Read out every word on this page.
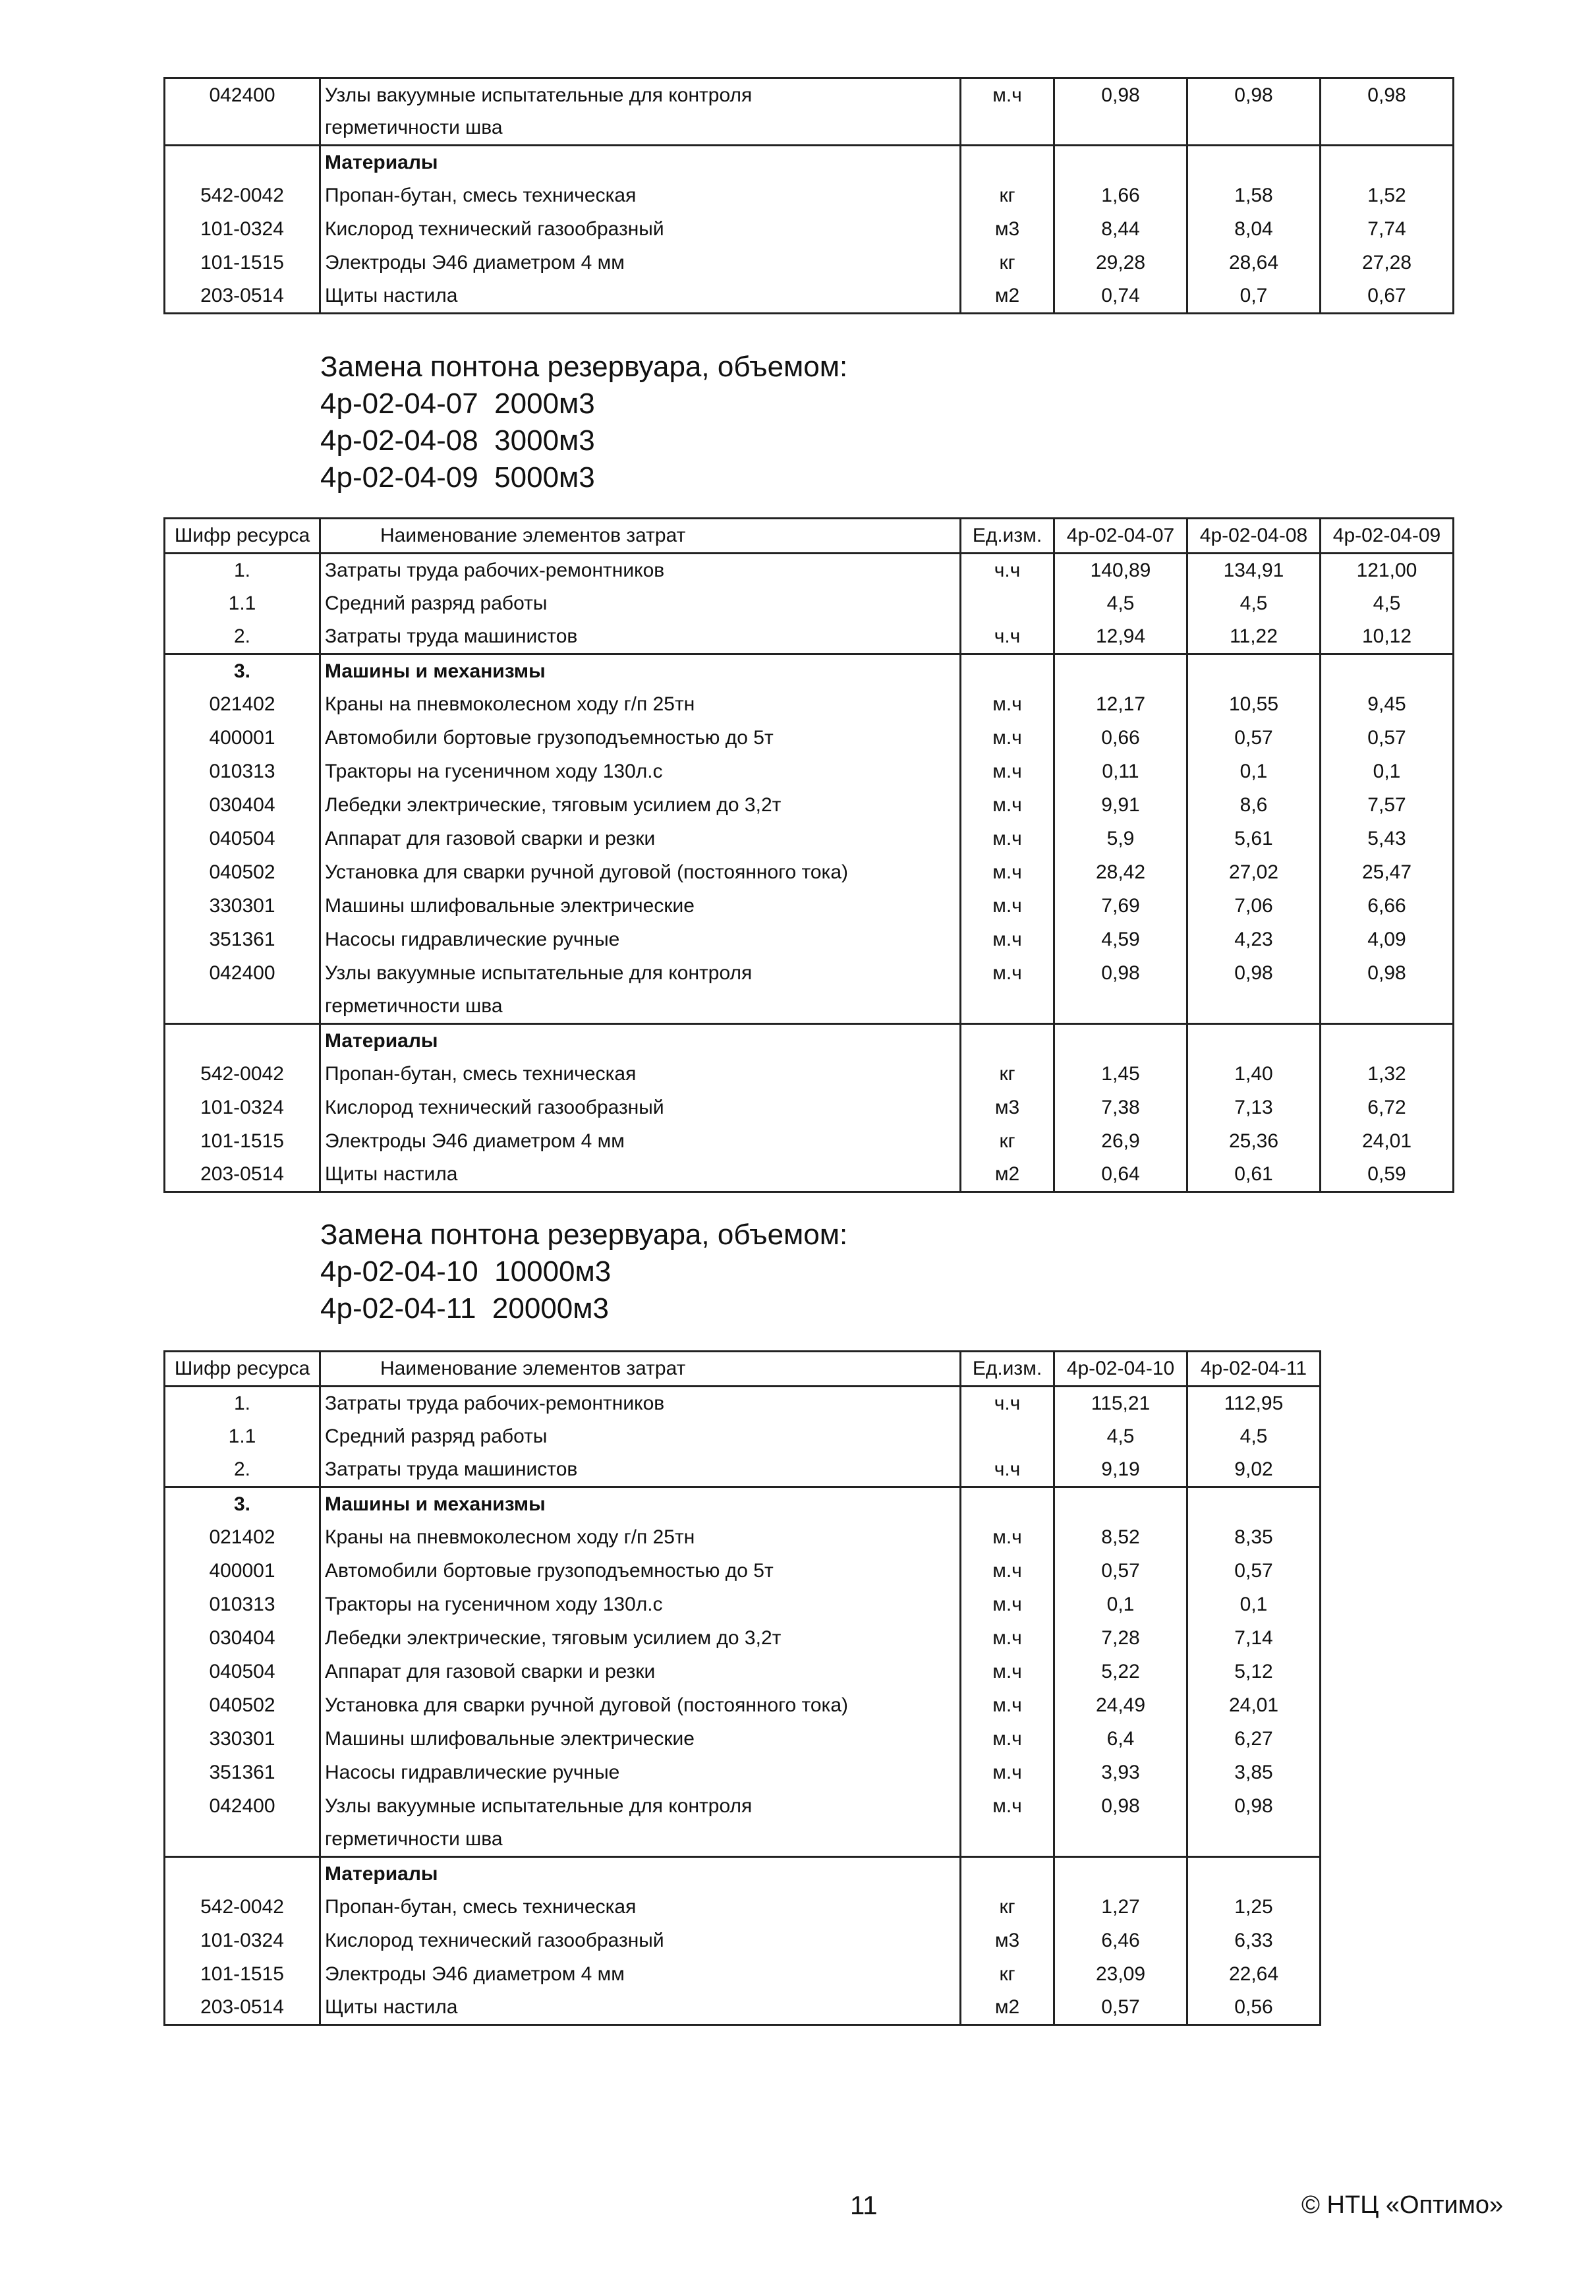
042400	Узлы вакуумные испытательные для контроля	м.ч	0,98	0,98	0,98
	герметичности шва				
	Материалы				
542-0042	Пропан-бутан, смесь техническая	кг	1,66	1,58	1,52
101-0324	Кислород технический газообразный	м3	8,44	8,04	7,74
101-1515	Электроды Э46 диаметром 4 мм	кг	29,28	28,64	27,28
203-0514	Щиты настила	м2	0,74	0,7	0,67
Замена понтона резервуара, объемом:
4р-02-04-07  2000м3
4р-02-04-08  3000м3
4р-02-04-09  5000м3
Шифр ресурса	Наименование элементов затрат	Ед.изм.	4р-02-04-07	4р-02-04-08	4р-02-04-09
1.	Затраты труда рабочих-ремонтников	ч.ч	140,89	134,91	121,00
1.1	Средний разряд работы		4,5	4,5	4,5
2.	Затраты труда машинистов	ч.ч	12,94	11,22	10,12
3.	Машины и механизмы				
021402	Краны на пневмоколесном ходу г/п 25тн	м.ч	12,17	10,55	9,45
400001	Автомобили бортовые грузоподъемностью до 5т	м.ч	0,66	0,57	0,57
010313	Тракторы на гусеничном ходу 130л.с	м.ч	0,11	0,1	0,1
030404	Лебедки электрические, тяговым усилием до 3,2т	м.ч	9,91	8,6	7,57
040504	Аппарат для газовой сварки и резки	м.ч	5,9	5,61	5,43
040502	Установка для сварки ручной дуговой (постоянного тока)	м.ч	28,42	27,02	25,47
330301	Машины шлифовальные электрические	м.ч	7,69	7,06	6,66
351361	Насосы гидравлические ручные	м.ч	4,59	4,23	4,09
042400	Узлы вакуумные испытательные для контроля	м.ч	0,98	0,98	0,98
	герметичности шва				
	Материалы				
542-0042	Пропан-бутан, смесь техническая	кг	1,45	1,40	1,32
101-0324	Кислород технический газообразный	м3	7,38	7,13	6,72
101-1515	Электроды Э46 диаметром 4 мм	кг	26,9	25,36	24,01
203-0514	Щиты настила	м2	0,64	0,61	0,59
Замена понтона резервуара, объемом:
4р-02-04-10  10000м3
4р-02-04-11  20000м3
Шифр ресурса	Наименование элементов затрат	Ед.изм.	4р-02-04-10	4р-02-04-11
1.	Затраты труда рабочих-ремонтников	ч.ч	115,21	112,95
1.1	Средний разряд работы		4,5	4,5
2.	Затраты труда машинистов	ч.ч	9,19	9,02
3.	Машины и механизмы			
021402	Краны на пневмоколесном ходу г/п 25тн	м.ч	8,52	8,35
400001	Автомобили бортовые грузоподъемностью до 5т	м.ч	0,57	0,57
010313	Тракторы на гусеничном ходу 130л.с	м.ч	0,1	0,1
030404	Лебедки электрические, тяговым усилием до 3,2т	м.ч	7,28	7,14
040504	Аппарат для газовой сварки и резки	м.ч	5,22	5,12
040502	Установка для сварки ручной дуговой (постоянного тока)	м.ч	24,49	24,01
330301	Машины шлифовальные электрические	м.ч	6,4	6,27
351361	Насосы гидравлические ручные	м.ч	3,93	3,85
042400	Узлы вакуумные испытательные для контроля	м.ч	0,98	0,98
	герметичности шва			
	Материалы			
542-0042	Пропан-бутан, смесь техническая	кг	1,27	1,25
101-0324	Кислород технический газообразный	м3	6,46	6,33
101-1515	Электроды Э46 диаметром 4 мм	кг	23,09	22,64
203-0514	Щиты настила	м2	0,57	0,56
11	© НТЦ «Оптимо»
